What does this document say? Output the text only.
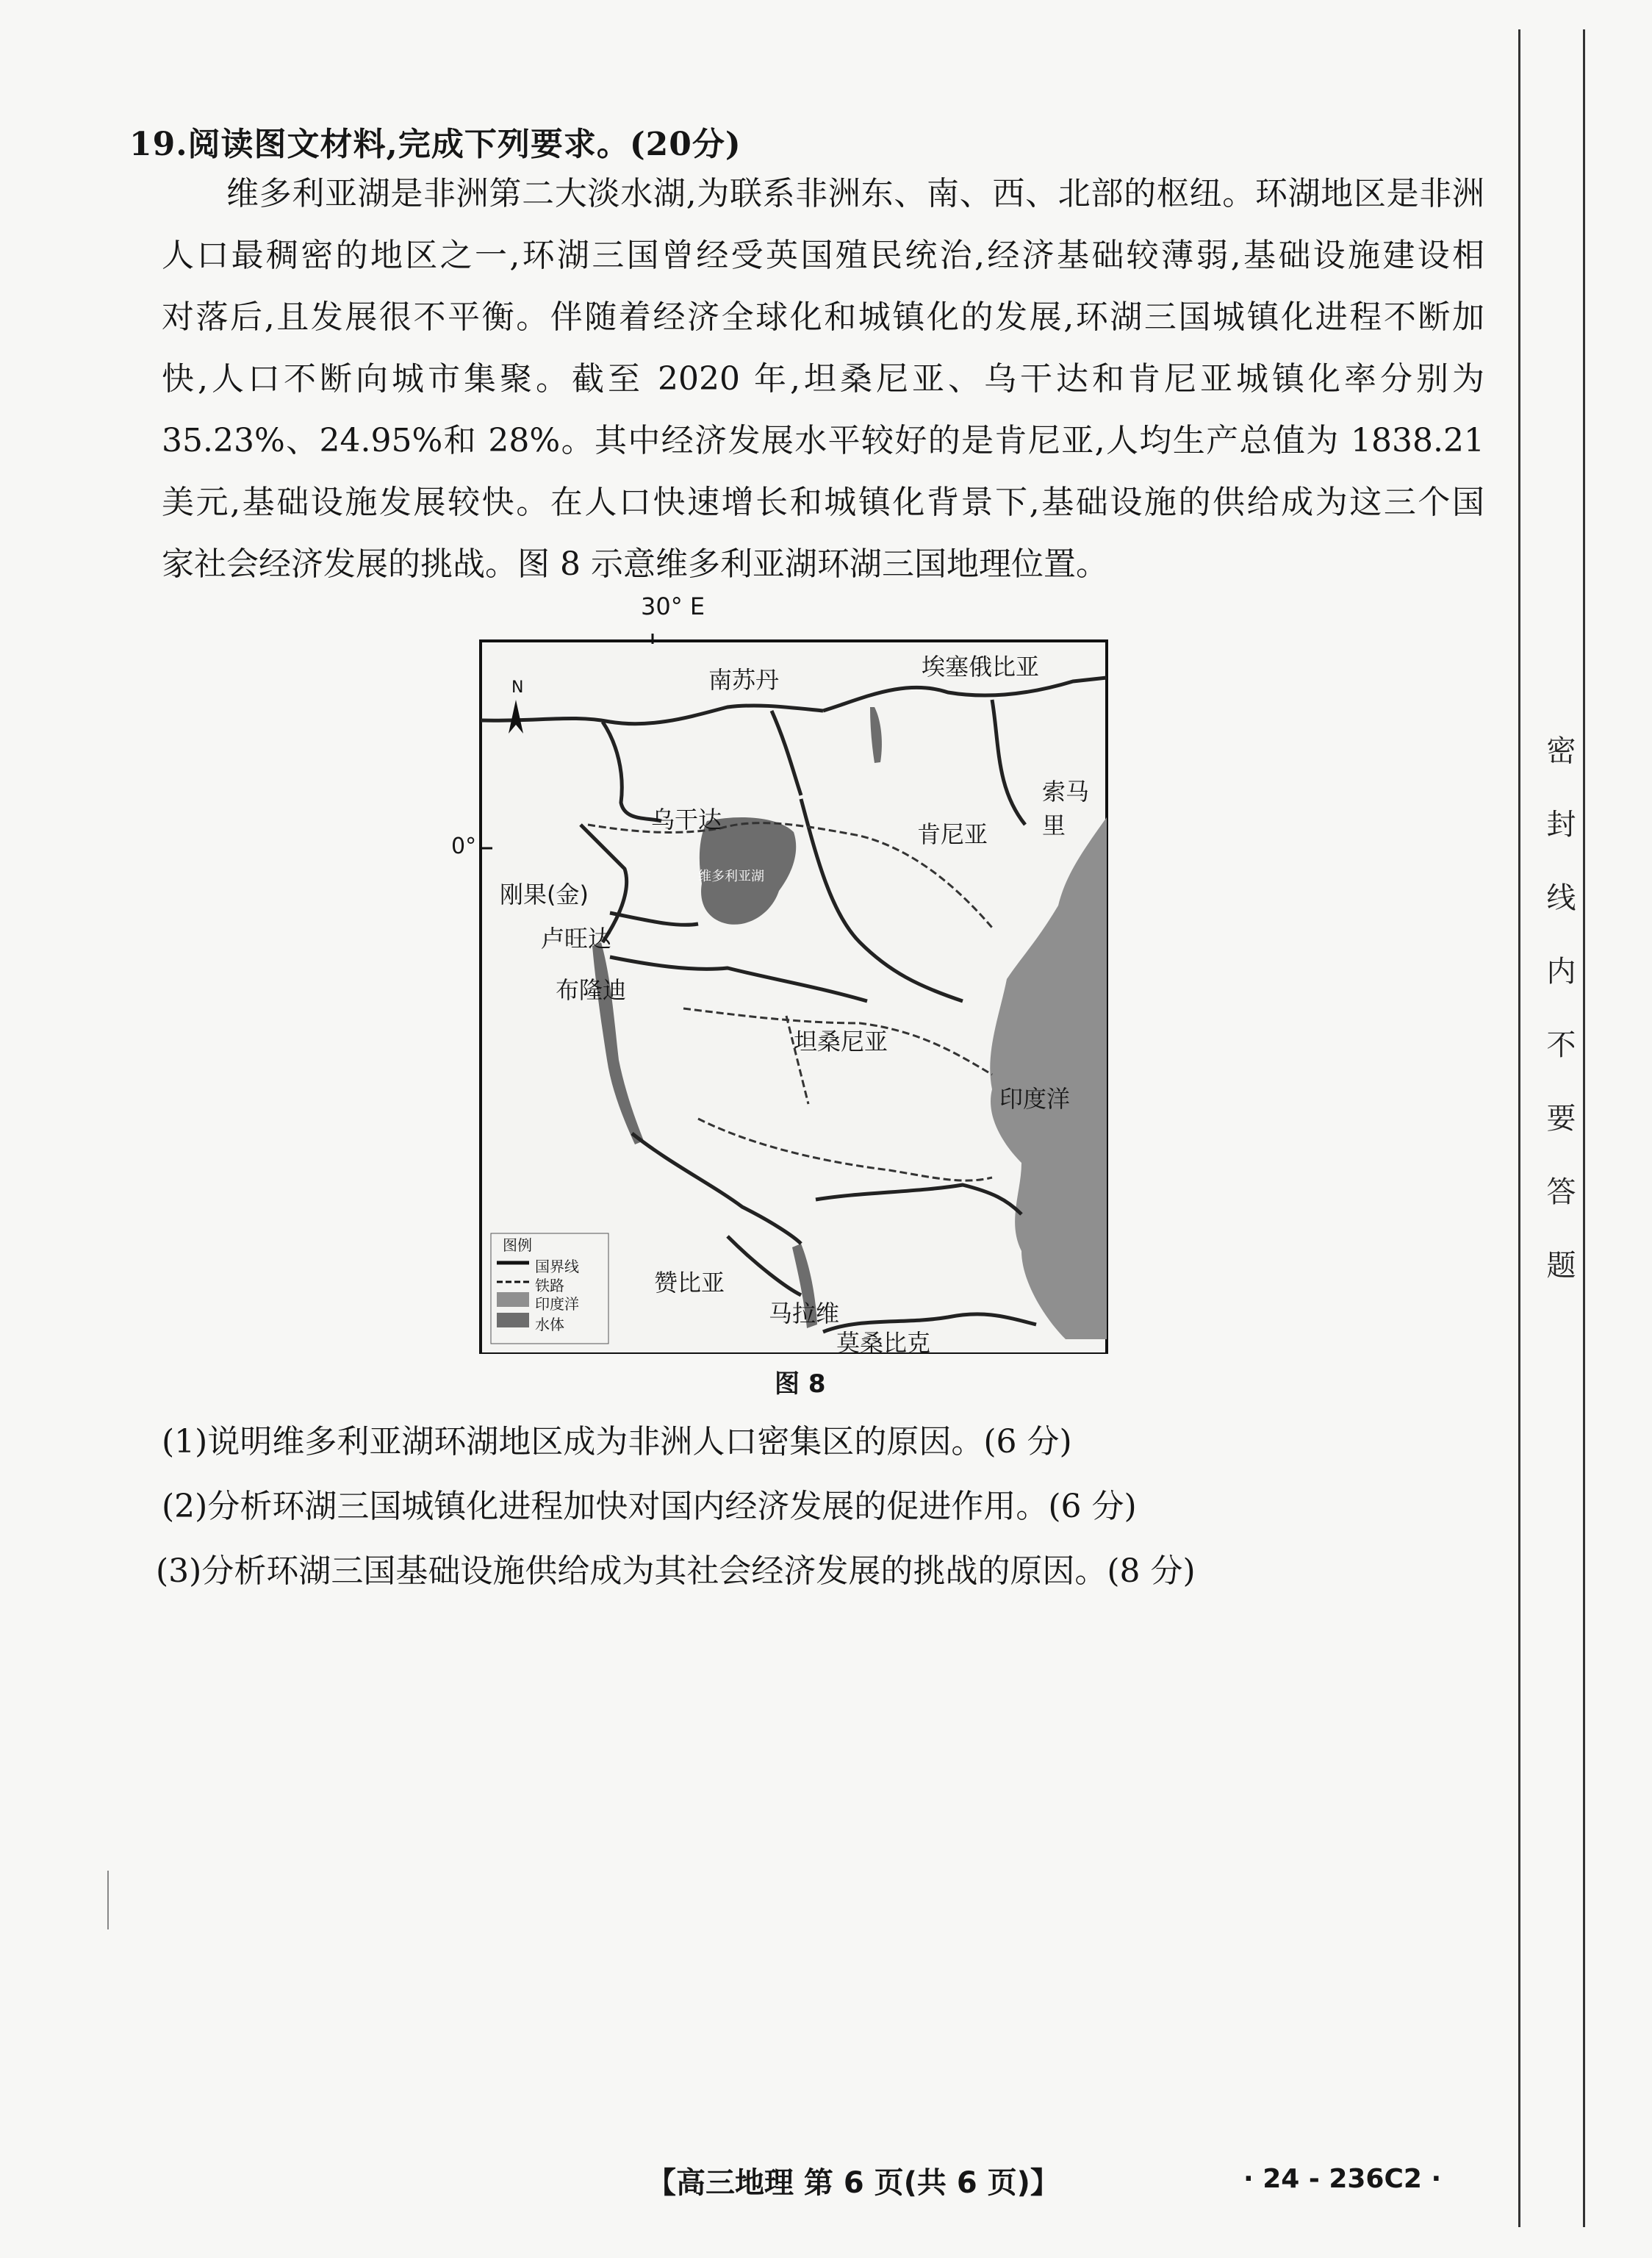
19.阅读图文材料,完成下列要求。(20分)
维多利亚湖是非洲第二大淡水湖,为联系非洲东、南、西、北部的枢纽。环湖地区是非洲
人口最稠密的地区之一,环湖三国曾经受英国殖民统治,经济基础较薄弱,基础设施建设相
对落后,且发展很不平衡。伴随着经济全球化和城镇化的发展,环湖三国城镇化进程不断加
快,人口不断向城市集聚。截至 2020 年,坦桑尼亚、乌干达和肯尼亚城镇化率分别为
35.23%、24.95%和 28%。其中经济发展水平较好的是肯尼亚,人均生产总值为 1838.21
美元,基础设施发展较快。在人口快速增长和城镇化背景下,基础设施的供给成为这三个国
家社会经济发展的挑战。图 8 示意维多利亚湖环湖三国地理位置。
N
30° E
0°
南苏丹	埃塞俄比亚
索马里
乌干达
肯尼亚
维多利亚湖
刚果(金)
卢旺达
布隆迪
坦桑尼亚
印度洋
赞比亚
马拉维
莫桑比克
图例
国界线
铁路
印度洋
水体
图 8
(1)说明维多利亚湖环湖地区成为非洲人口密集区的原因。(6 分)
(2)分析环湖三国城镇化进程加快对国内经济发展的促进作用。(6 分)
(3)分析环湖三国基础设施供给成为其社会经济发展的挑战的原因。(8 分)
【高三地理 第 6 页(共 6 页)】	· 24 - 236C2 ·
密封线内不要答题
